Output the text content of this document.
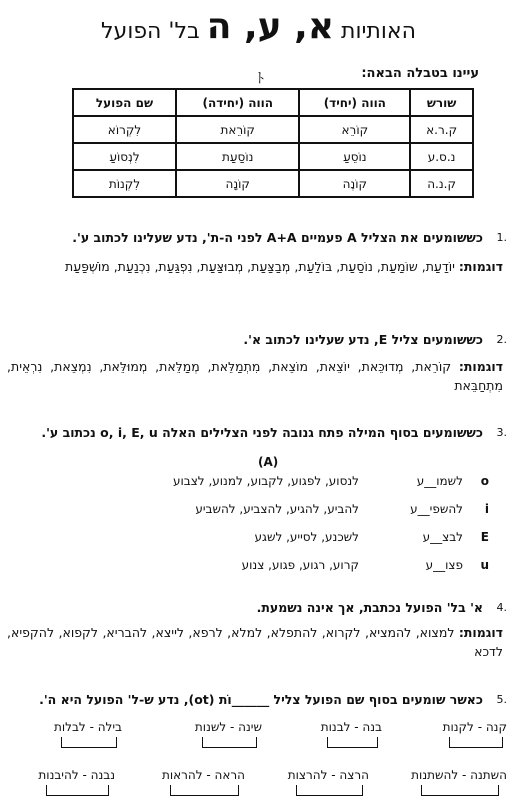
האותיות א, ע, ה בל' הפועל
ﾄ	עיינו בטבלה הבאה:
שורש	הווה (יחיד)	הווה (יחידה)	שם הפועל
ק.ר.א	קוֹרֵא	קוֹרֵאת	לִקְרוֹא
נ.ס.ע	נוֹסֵעַ	נוֹסַעַת	לִנְסוֹעַ
ק.נ.ה	קוֹנֶה	קוֹנָה	לִקְנוֹת
1.
כששומעים את הצליל A פעמיים A+A לפני ה-ת', נדע שעלינו לכתוב ע'.
דוגמות: יוֹדַעַת, שוֹמַעַת, נוֹסַעַת, בּוֹלַעַת, מְבַצַּעַת, מְבוּצַּעַת, נִפְגַּעַת, נִכְנַעַת, מוֹשְׁפַּעַת
2.
כששומעים צליל E, נדע שעלינו לכתוב א'.
דוגמות: קוֹרֵאת, מְדוּכֵּאת, יוֹצֵאת, מוֹצֵאת, מִתְמַלֵּאת, מְמַלֵּאת, מְמוּלֵּאת, נִמְצֵאת, נִרְאֵית, מִתְחַבֵּאת
3.
כששומעים בסוף המילה פתח גנובה לפני הצלילים האלה o, i, E, u נכתוב ע'.
(A)
o
לשמו__ע
לנסוע, לפגוע, לקבוע, למנוע, לצבוע
i
להשפי__ע
להביע, להגיע, להצביע, להשביע
E
לבצ__ע
לשכנע, לסייע, לשגע
u
פצו__ע
קרוע, רגוע, פגוע, צנוע
4.
א' בל' הפועל נכתבת, אך אינה נשמעת.
דוגמות: למצוא, להמציא, לקרוא, להתפלא, למלא, לרפא, לייצא, להבריא, לקפוא, להקפיא, לדכא
5.
כאשר שומעים בסוף שם הפועל צליל ______וֹת (ot), נדע ש-ל' הפועל היא ה'.
קנה - לקנות
בנה - לבנות
שינה - לשנות
בילה - לבלות
השתנה - להשתנות
הרצה - להרצות
הראה - להראות
נבנה - להיבנות
